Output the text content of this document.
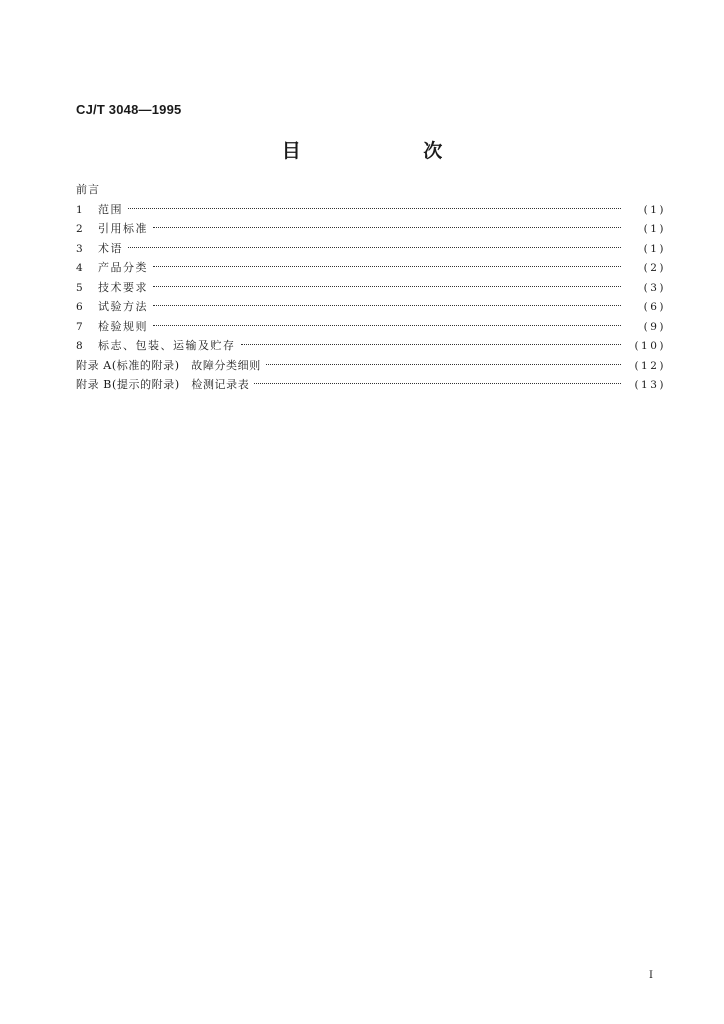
CJ/T 3048—1995
目 次
前言
1	范围	(1)
2	引用标准	(1)
3	术语	(1)
4	产品分类	(2)
5	技术要求	(3)
6	试验方法	(6)
7	检验规则	(9)
8	标志、包装、运输及贮存	(10)
附录 A(标准的附录)　故障分类细则	(12)
附录 B(提示的附录)　检测记录表	(13)
I
